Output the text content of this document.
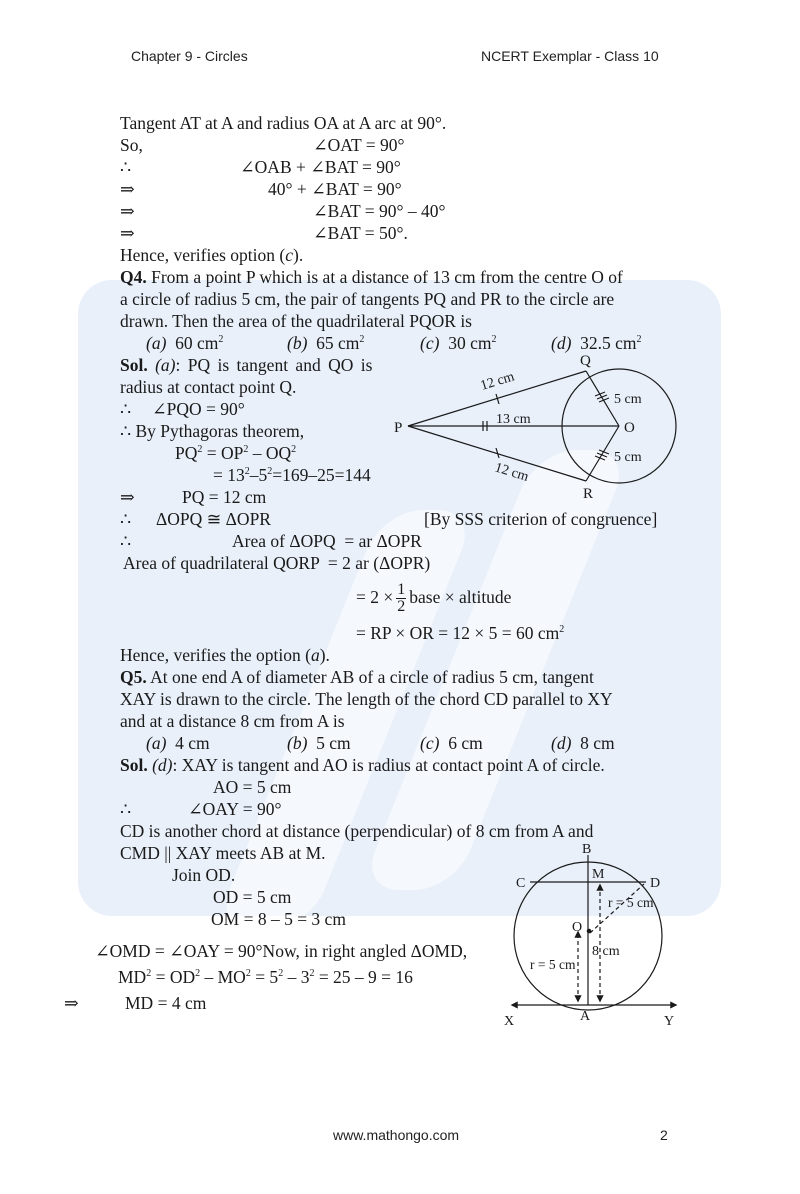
Chapter 9 - Circles	NCERT Exemplar - Class 10
Tangent AT at A and radius OA at A arc at 90°.
So,	∠OAT = 90°
∴	∠OAB + ∠BAT = 90°
⇒	40° + ∠BAT = 90°
⇒	∠BAT = 90° – 40°
⇒	∠BAT = 50°.
Hence, verifies option (c).
Q4. From a point P which is at a distance of 13 cm from the centre O of
a circle of radius 5 cm, the pair of tangents PQ and PR to the circle are
drawn. Then the area of the quadrilateral PQOR is
(a) 60 $cm^2$	(b) 65 $cm^2$	(c) 30 $cm^2$	(d) 32.5 $cm^2$
Sol. (a): PQ is tangent and QO is
radius at contact point Q.
∴ ∠PQO = 90°
∴ By Pythagoras theorem,
$PQ^2 = OP^2 - OQ^2$
= $13^2-5^2=169-25=144$
⇒	PQ = 12 cm
∴ ΔOPQ ≅ ΔOPR	[By SSS criterion of congruence]
∴	Area of ΔOPQ  = ar ΔOPR
Area of quadrilateral QORP  = 2 ar (ΔOPR)
= $2 \times \frac{1}{2}$ base × altitude
= RP × OR = 12 × 5 = 60 $cm^2$
Hence, verifies the option (a).
P
Q
O
R
12 cm
12 cm
13 cm
5 cm
5 cm
Q5. At one end A of diameter AB of a circle of radius 5 cm, tangent
XAY is drawn to the circle. The length of the chord CD parallel to XY
and at a distance 8 cm from A is
(a) 4 cm	(b) 5 cm	(c) 6 cm	(d) 8 cm
Sol. (d): XAY is tangent and AO is radius at contact point A of circle.
AO = 5 cm
∴	∠OAY = 90°
CD is another chord at distance (perpendicular) of 8 cm from A and
CMD || XAY meets AB at M.
Join OD.
OD = 5 cm
OM = 8 – 5 = 3 cm
∠OMD = ∠OAY = 90°Now, in right angled ΔOMD,
$MD^2 = OD^2 - MO^2 = 5^2 - 3^2 = 25 - 9 = 16$
⇒	MD = 4 cm
B
C
M
D
O
A
X	Y
r = 5 cm
r = 5 cm
8 cm
www.mathongo.com	2
